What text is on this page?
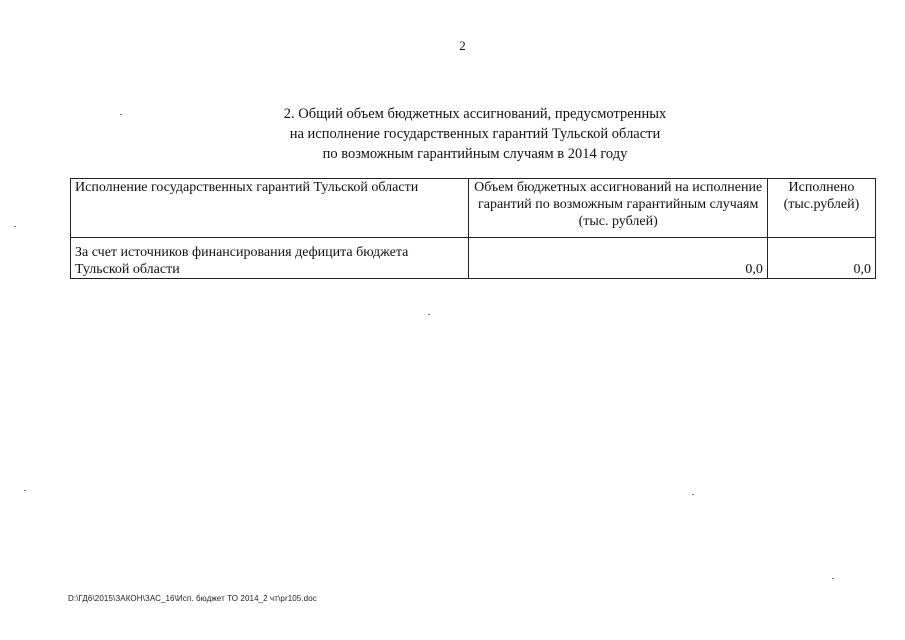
2
2. Общий объем бюджетных ассигнований, предусмотренных
на исполнение государственных гарантий Тульской области
по возможным гарантийным случаям в 2014 году
Исполнение государственных гарантий Тульской области	Объем бюджетных ассигнований на исполнение гарантий по возможным гарантийным случаям (тыс. рублей)	Исполнено (тыс.рублей)
За счет источников финансирования дефицита бюджета Тульской области	0,0	0,0
D:\ГД6\2015\ЗАКОН\ЗАС_16\Исп. бюджет ТО 2014_2 чт\pr105.doc
